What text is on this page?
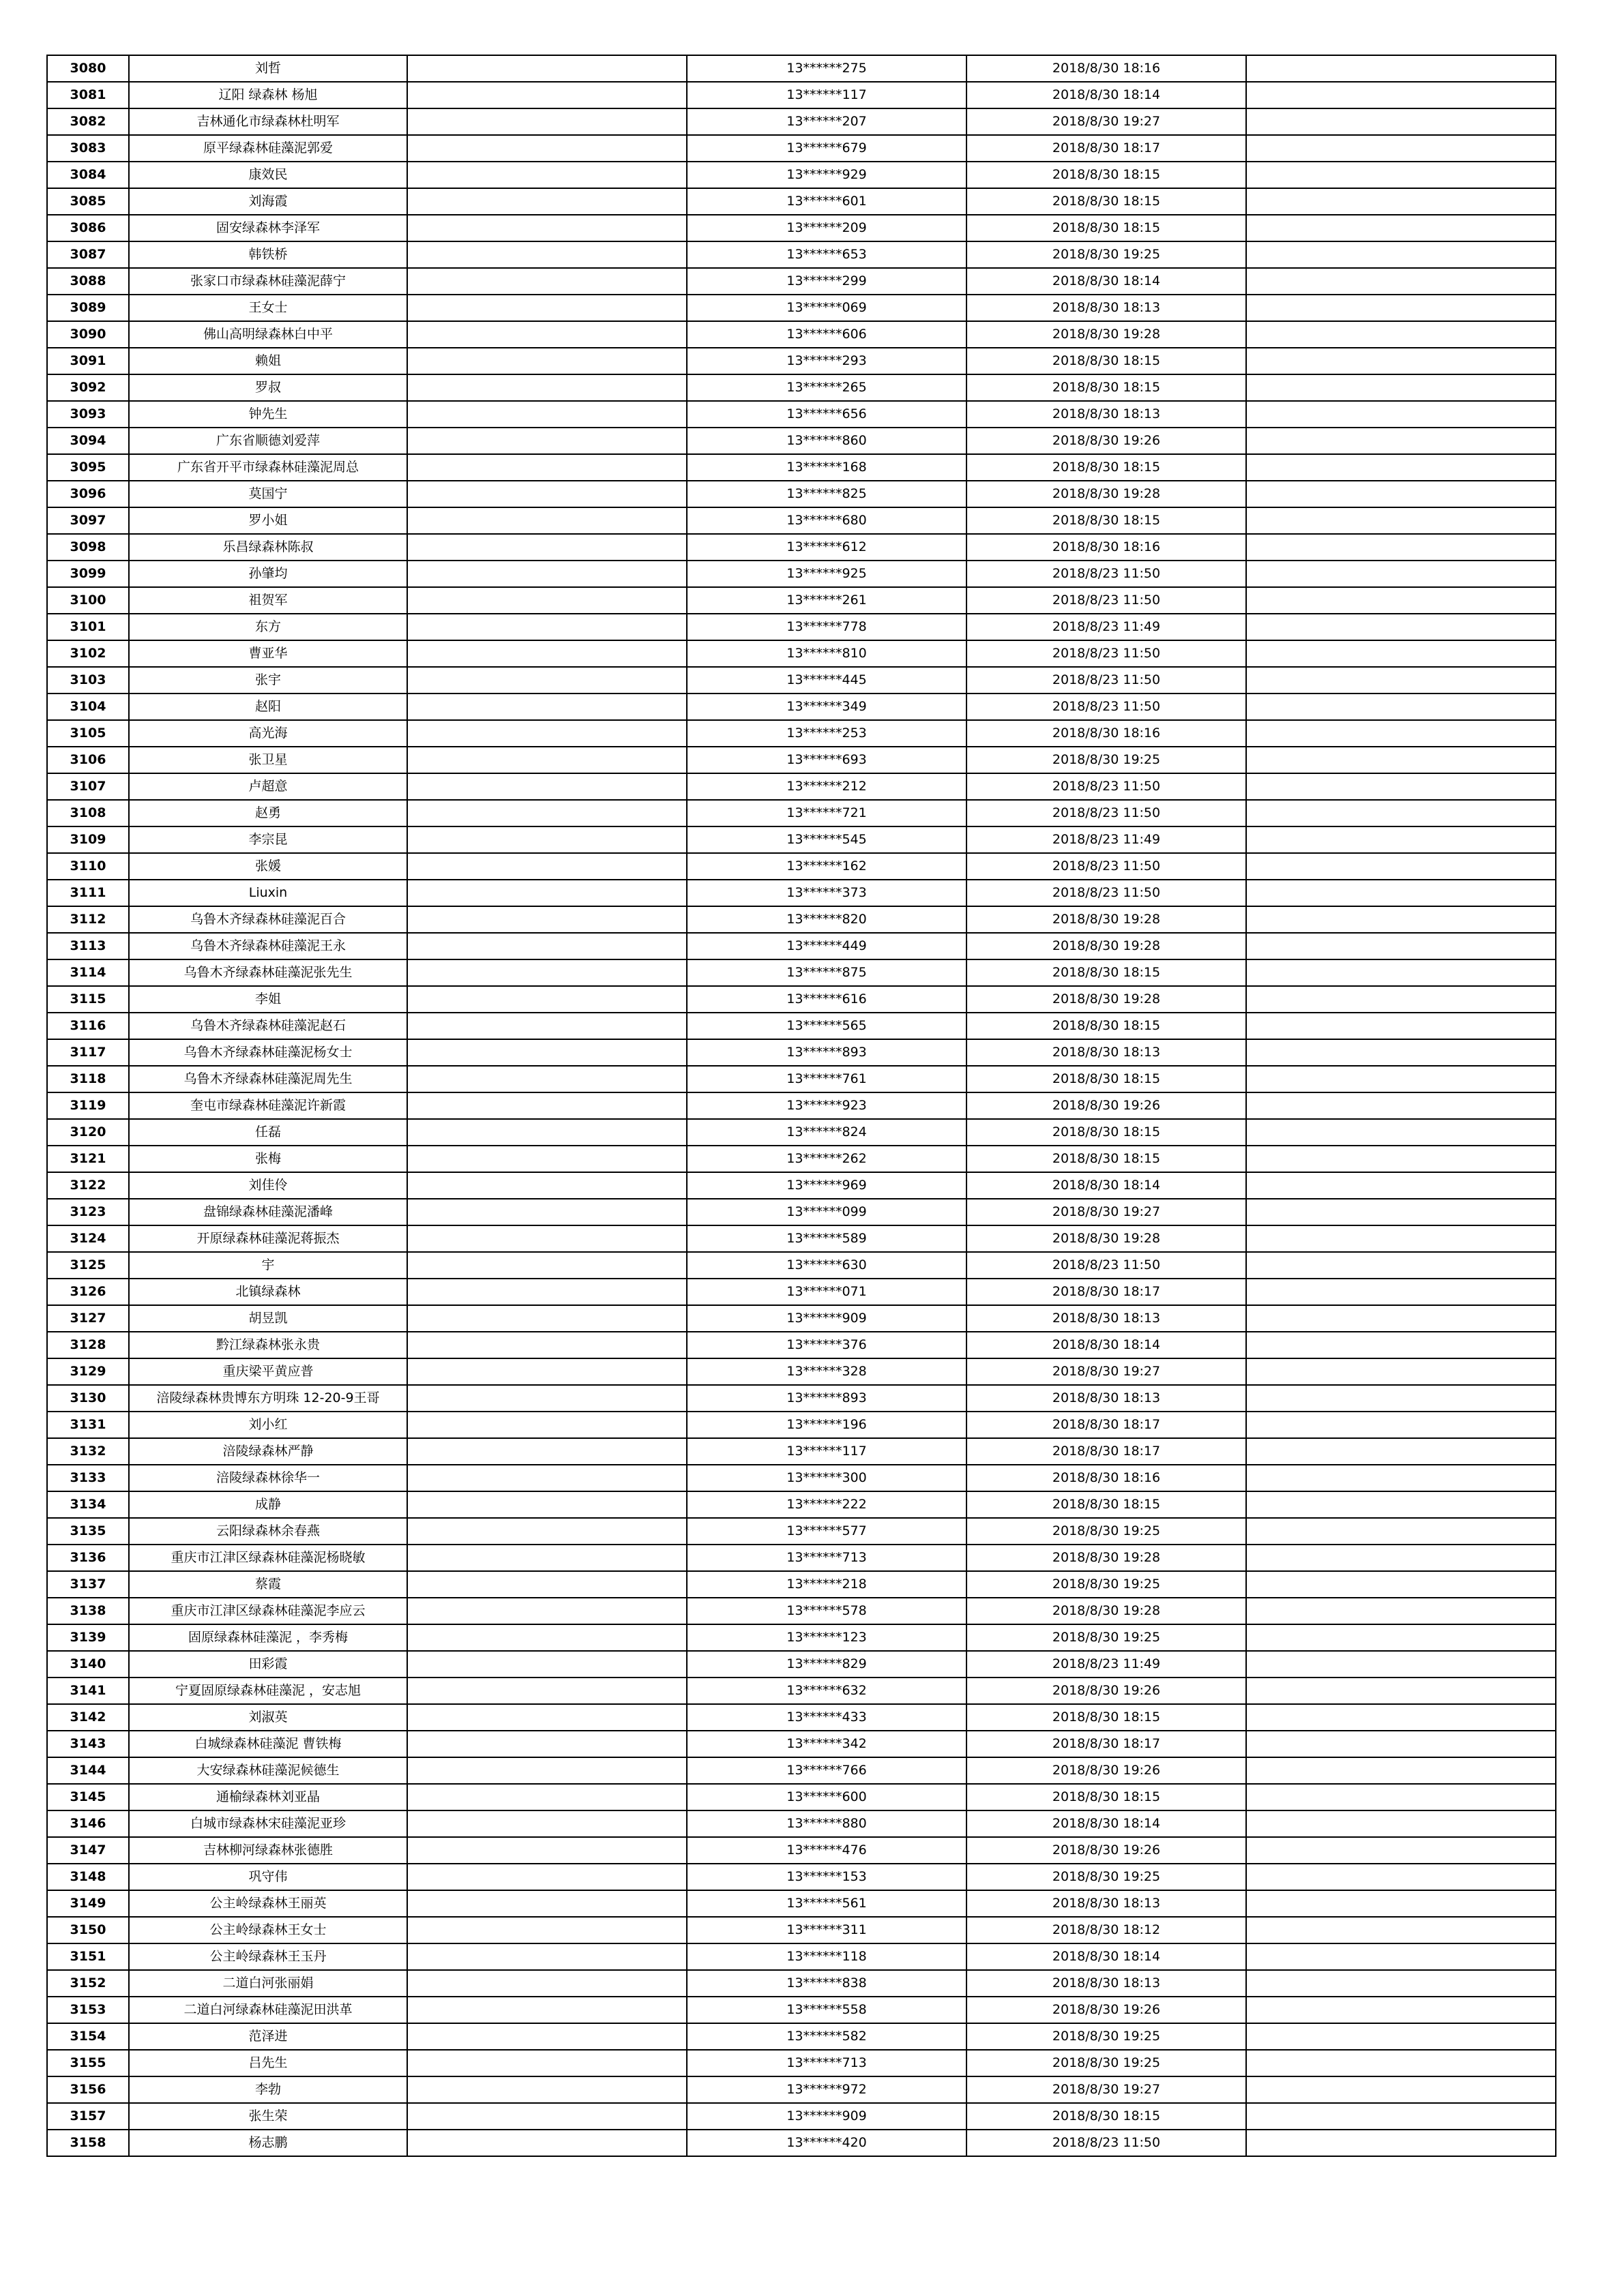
3080	刘哲		13******275	2018/8/30 18:16	
3081	辽阳 绿森林 杨旭		13******117	2018/8/30 18:14	
3082	吉林通化市绿森林杜明军		13******207	2018/8/30 19:27	
3083	原平绿森林硅藻泥郭爱		13******679	2018/8/30 18:17	
3084	康效民		13******929	2018/8/30 18:15	
3085	刘海霞		13******601	2018/8/30 18:15	
3086	固安绿森林李泽军		13******209	2018/8/30 18:15	
3087	韩铁桥		13******653	2018/8/30 19:25	
3088	张家口市绿森林硅藻泥薛宁		13******299	2018/8/30 18:14	
3089	王女士		13******069	2018/8/30 18:13	
3090	佛山高明绿森林白中平		13******606	2018/8/30 19:28	
3091	赖姐		13******293	2018/8/30 18:15	
3092	罗叔		13******265	2018/8/30 18:15	
3093	钟先生		13******656	2018/8/30 18:13	
3094	广东省顺德刘爱萍		13******860	2018/8/30 19:26	
3095	广东省开平市绿森林硅藻泥周总		13******168	2018/8/30 18:15	
3096	莫国宁		13******825	2018/8/30 19:28	
3097	罗小姐		13******680	2018/8/30 18:15	
3098	乐昌绿森林陈叔		13******612	2018/8/30 18:16	
3099	孙肇均		13******925	2018/8/23 11:50	
3100	祖贺军		13******261	2018/8/23 11:50	
3101	东方		13******778	2018/8/23 11:49	
3102	曹亚华		13******810	2018/8/23 11:50	
3103	张宇		13******445	2018/8/23 11:50	
3104	赵阳		13******349	2018/8/23 11:50	
3105	高光海		13******253	2018/8/30 18:16	
3106	张卫星		13******693	2018/8/30 19:25	
3107	卢超意		13******212	2018/8/23 11:50	
3108	赵勇		13******721	2018/8/23 11:50	
3109	李宗昆		13******545	2018/8/23 11:49	
3110	张媛		13******162	2018/8/23 11:50	
3111	Liuxin		13******373	2018/8/23 11:50	
3112	乌鲁木齐绿森林硅藻泥百合		13******820	2018/8/30 19:28	
3113	乌鲁木齐绿森林硅藻泥王永		13******449	2018/8/30 19:28	
3114	乌鲁木齐绿森林硅藻泥张先生		13******875	2018/8/30 18:15	
3115	李姐		13******616	2018/8/30 19:28	
3116	乌鲁木齐绿森林硅藻泥赵石		13******565	2018/8/30 18:15	
3117	乌鲁木齐绿森林硅藻泥杨女士		13******893	2018/8/30 18:13	
3118	乌鲁木齐绿森林硅藻泥周先生		13******761	2018/8/30 18:15	
3119	奎屯市绿森林硅藻泥许新霞		13******923	2018/8/30 19:26	
3120	任磊		13******824	2018/8/30 18:15	
3121	张梅		13******262	2018/8/30 18:15	
3122	刘佳伶		13******969	2018/8/30 18:14	
3123	盘锦绿森林硅藻泥潘峰		13******099	2018/8/30 19:27	
3124	开原绿森林硅藻泥蒋振杰		13******589	2018/8/30 19:28	
3125	宇		13******630	2018/8/23 11:50	
3126	北镇绿森林		13******071	2018/8/30 18:17	
3127	胡昱凯		13******909	2018/8/30 18:13	
3128	黔江绿森林张永贵		13******376	2018/8/30 18:14	
3129	重庆梁平黄应普		13******328	2018/8/30 19:27	
3130	涪陵绿森林贵博东方明珠 12-20-9王哥		13******893	2018/8/30 18:13	
3131	刘小红		13******196	2018/8/30 18:17	
3132	涪陵绿森林严静		13******117	2018/8/30 18:17	
3133	涪陵绿森林徐华一		13******300	2018/8/30 18:16	
3134	成静		13******222	2018/8/30 18:15	
3135	云阳绿森林余春燕		13******577	2018/8/30 19:25	
3136	重庆市江津区绿森林硅藻泥杨晓敏		13******713	2018/8/30 19:28	
3137	蔡霞		13******218	2018/8/30 19:25	
3138	重庆市江津区绿森林硅藻泥李应云		13******578	2018/8/30 19:28	
3139	固原绿森林硅藻泥 ，李秀梅		13******123	2018/8/30 19:25	
3140	田彩霞		13******829	2018/8/23 11:49	
3141	宁夏固原绿森林硅藻泥 ，安志旭		13******632	2018/8/30 19:26	
3142	刘淑英		13******433	2018/8/30 18:15	
3143	白城绿森林硅藻泥 曹铁梅		13******342	2018/8/30 18:17	
3144	大安绿森林硅藻泥候德生		13******766	2018/8/30 19:26	
3145	通榆绿森林刘亚晶		13******600	2018/8/30 18:15	
3146	白城市绿森林宋硅藻泥亚珍		13******880	2018/8/30 18:14	
3147	吉林柳河绿森林张德胜		13******476	2018/8/30 19:26	
3148	巩守伟		13******153	2018/8/30 19:25	
3149	公主岭绿森林王丽英		13******561	2018/8/30 18:13	
3150	公主岭绿森林王女士		13******311	2018/8/30 18:12	
3151	公主岭绿森林王玉丹		13******118	2018/8/30 18:14	
3152	二道白河张丽娟		13******838	2018/8/30 18:13	
3153	二道白河绿森林硅藻泥田洪革		13******558	2018/8/30 19:26	
3154	范泽进		13******582	2018/8/30 19:25	
3155	吕先生		13******713	2018/8/30 19:25	
3156	李勃		13******972	2018/8/30 19:27	
3157	张生荣		13******909	2018/8/30 18:15	
3158	杨志鹏		13******420	2018/8/23 11:50	
